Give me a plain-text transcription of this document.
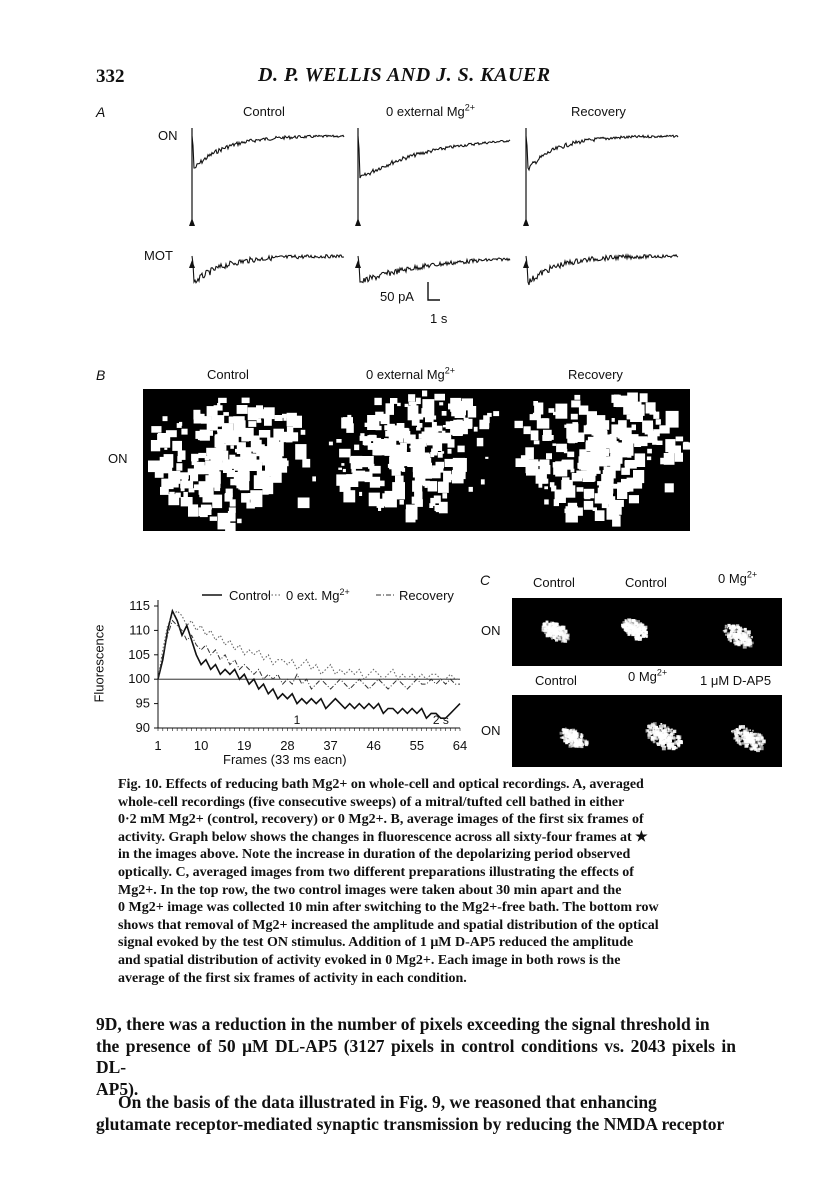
332	D. P. WELLIS AND J. S. KAUER
A	Control	0 external $Mg^{2+}$	Recovery
ON
MOT
50 pA
1 s
B	Control	0 external $Mg^{2+}$	Recovery
ON
★
90
95
100
105
110
115
1 10 19 28 37 46 55 64
1	2 s
Control 0 ext. $Mg^{2+}$	Recovery
Fluorescence
Frames (33 ms eacn)
C	Control	Control	0 $Mg^{2+}$
ON
Control	0 $Mg^{2+}$
1 μM D-AP5
ON
Fig. 10. Effects of reducing bath Mg2+ on whole-cell and optical recordings. A, averaged
whole-cell recordings (five consecutive sweeps) of a mitral/tufted cell bathed in either
0·2 mM Mg2+ (control, recovery) or 0 Mg2+. B, average images of the first six frames of
activity. Graph below shows the changes in fluorescence across all sixty-four frames at ★
in the images above. Note the increase in duration of the depolarizing period observed
optically. C, averaged images from two different preparations illustrating the effects of
Mg2+. In the top row, the two control images were taken about 30 min apart and the
0 Mg2+ image was collected 10 min after switching to the Mg2+-free bath. The bottom row
shows that removal of Mg2+ increased the amplitude and spatial distribution of the optical
signal evoked by the test ON stimulus. Addition of 1 μM D-AP5 reduced the amplitude
and spatial distribution of activity evoked in 0 Mg2+. Each image in both rows is the
average of the first six frames of activity in each condition.
9D, there was a reduction in the number of pixels exceeding the signal threshold in
the presence of 50 μM DL-AP5 (3127 pixels in control conditions vs. 2043 pixels in DL-
AP5).
On the basis of the data illustrated in Fig. 9, we reasoned that enhancing
glutamate receptor-mediated synaptic transmission by reducing the NMDA receptor
